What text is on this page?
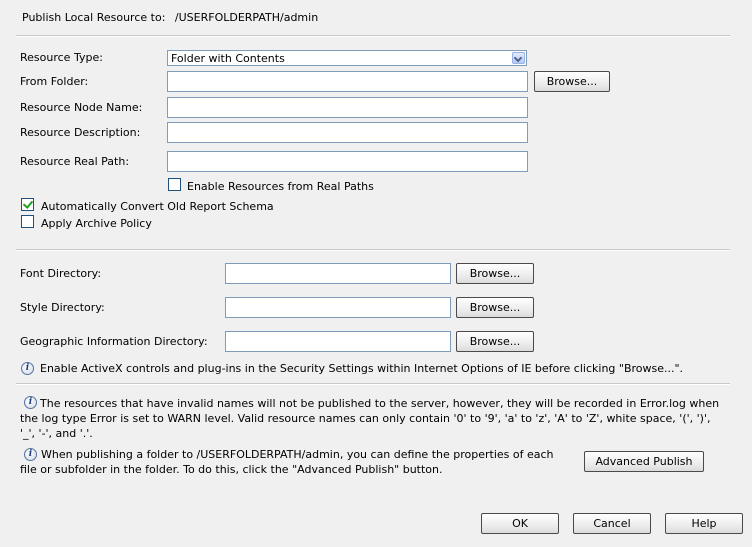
Publish Local Resource to: /USERFOLDERPATH/admin
Resource Type:	Folder with Contents
From Folder:	Browse...
Resource Node Name:
Resource Description:
Resource Real Path:
Enable Resources from Real Paths
Automatically Convert Old Report Schema
Apply Archive Policy
Font Directory:	Browse...
Style Directory:	Browse...
Geographic Information Directory:	Browse...
i Enable ActiveX controls and plug-ins in the Security Settings within Internet Options of IE before clicking "Browse...".
i The resources that have invalid names will not be published to the server, however, they will be recorded in Error.log when the log type Error is set to WARN level. Valid resource names can only contain '0' to '9', 'a' to 'z', 'A' to 'Z', white space, '(', ')', '_', '-', and '.'.
i When publishing a folder to /USERFOLDERPATH/admin, you can define the properties of each file or subfolder in the folder. To do this, click the "Advanced Publish" button.
Advanced Publish
OK	Cancel	Help
